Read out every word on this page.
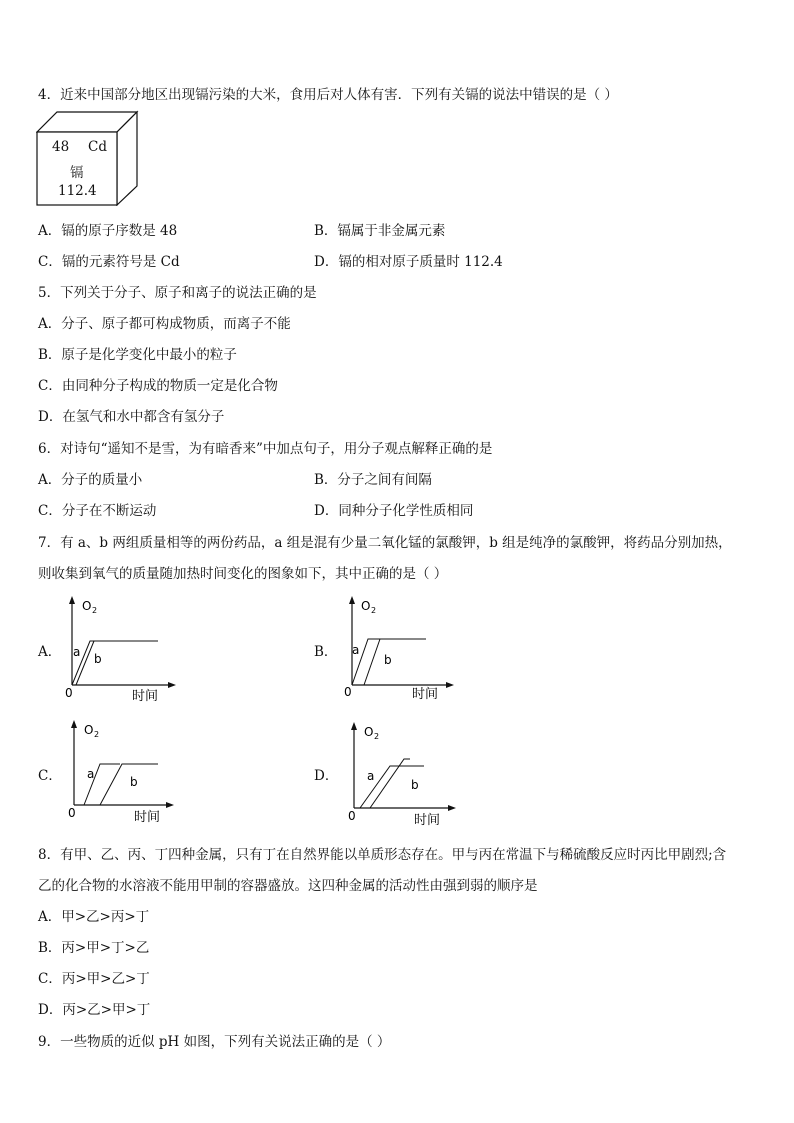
4．近来中国部分地区出现镉污染的大米，食用后对人体有害．下列有关镉的说法中错误的是（ ）
48 Cd
镉
112.4
A．镉的原子序数是 48	B．镉属于非金属元素
C．镉的元素符号是 Cd	D．镉的相对原子质量时 112.4
5．下列关于分子、原子和离子的说法正确的是
A．分子、原子都可构成物质，而离子不能
B．原子是化学变化中最小的粒子
C．由同种分子构成的物质一定是化合物
D．在氢气和水中都含有氢分子
6．对诗句“遥知不是雪，为有暗香来”中加点句子，用分子观点解释正确的是
A．分子的质量小	B．分子之间有间隔
C．分子在不断运动	D．同种分子化学性质相同
7．有 a、b 两组质量相等的两份药品，a 组是混有少量二氧化锰的氯酸钾，b 组是纯净的氯酸钾，将药品分别加热，
则收集到氧气的质量随加热时间变化的图象如下，其中正确的是（ ）
A．
O 2
a b
0	时间
B．
O 2
a
b
0	时间
C．
O 2
a
b
0	时间
D．
O 2
a
b
0	时间
8．有甲、乙、丙、丁四种金属，只有丁在自然界能以单质形态存在。甲与丙在常温下与稀硫酸反应时丙比甲剧烈;含
乙的化合物的水溶液不能用甲制的容器盛放。这四种金属的活动性由强到弱的顺序是
A．甲>乙>丙>丁
B．丙>甲>丁>乙
C．丙>甲>乙>丁
D．丙>乙>甲>丁
9．一些物质的近似 pH 如图，下列有关说法正确的是（ ）
